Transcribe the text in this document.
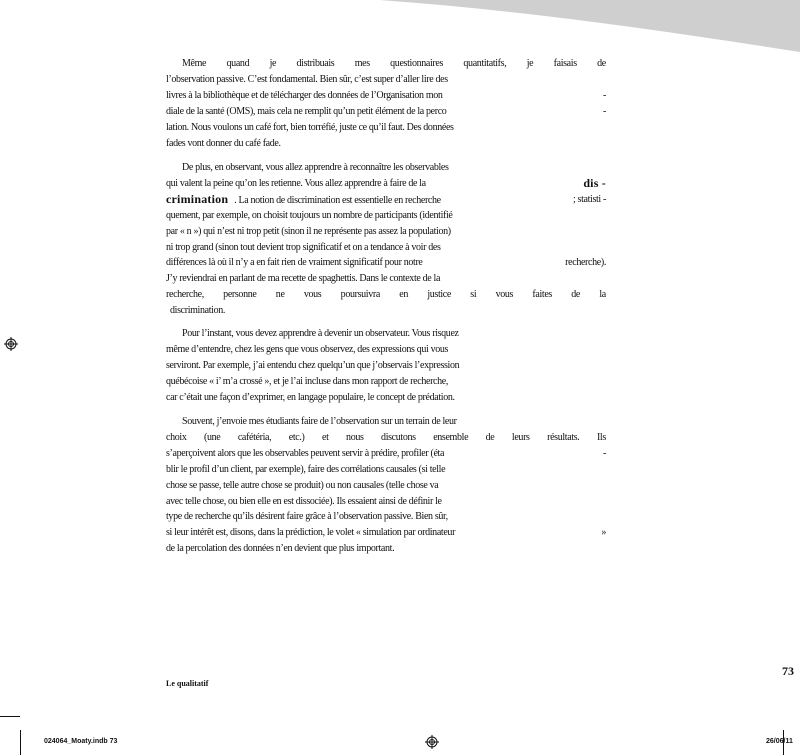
Même quand je distribuais mes questionnaires quantitatifs, je faisais de
l’observation passive. C’est fondamental. Bien sûr, c’est super d’aller lire des
livres à la bibliothèque et de télécharger des données de l’Organisation mon	-
diale de la santé (OMS), mais cela ne remplit qu’un petit élément de la perco	-
lation. Nous voulons un café fort, bien torréfié, juste ce qu’il faut. Des données
fades vont donner du café fade.
De plus, en observant, vous allez apprendre à reconnaître les observables
qui valent la peine qu’on les retienne. Vous allez apprendre à faire de la	dis -
crimination . La notion de discrimination est essentielle en recherche	; statisti -
quement, par exemple, on choisit toujours un nombre de participants (identifié
par « n ») qui n’est ni trop petit (sinon il ne représente pas assez la population)
ni trop grand (sinon tout devient trop significatif et on a tendance à voir des
différences là où il n’y a en fait rien de vraiment significatif pour notre	recherche).
J’y reviendrai en parlant de ma recette de spaghettis. Dans le contexte de la
recherche, personne ne vous poursuivra en justice si vous faites de la
discrimination.
Pour l’instant, vous devez apprendre à devenir un observateur. Vous risquez
même d’entendre, chez les gens que vous observez, des expressions qui vous
serviront. Par exemple, j’ai entendu chez quelqu’un que j’observais l’expression
québécoise « i’ m’a crossé », et je l’ai incluse dans mon rapport de recherche,
car c’était une façon d’exprimer, en langage populaire, le concept de prédation.
Souvent, j’envoie mes étudiants faire de l’observation sur un terrain de leur
choix (une cafétéria, etc.) et nous discutons ensemble de leurs résultats. Ils
s’aperçoivent alors que les observables peuvent servir à prédire, profiler (éta	-
blir le profil d’un client, par exemple), faire des corrélations causales (si telle
chose se passe, telle autre chose se produit) ou non causales (telle chose va
avec telle chose, ou bien elle en est dissociée). Ils essaient ainsi de définir le
type de recherche qu’ils désirent faire grâce à l’observation passive. Bien sûr,
si leur intérêt est, disons, dans la prédiction, le volet « simulation par ordinateur	»
de la percolation des données n’en devient que plus important.
73
Le qualitatif
024064_Moaty.indb 73	26/06/11
